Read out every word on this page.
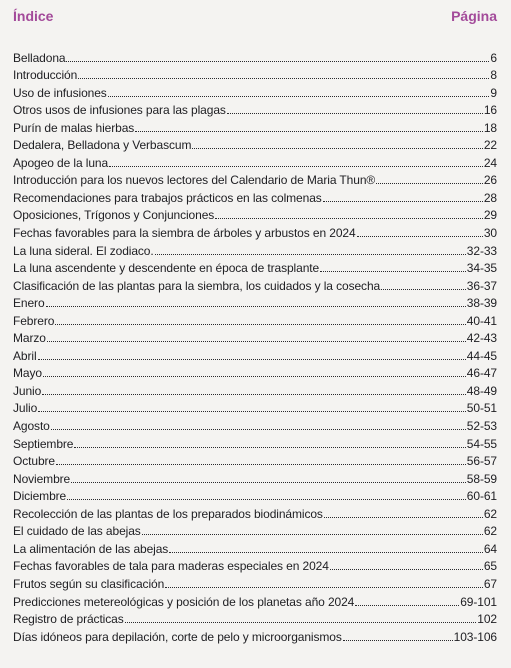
Índice	Página
Belladona	6
Introducción	8
Uso de infusiones	9
Otros usos de infusiones para las plagas	16
Purín de malas hierbas	18
Dedalera, Belladona y Verbascum	22
Apogeo de la luna	24
Introducción para los nuevos lectores del Calendario de Maria Thun®	26
Recomendaciones para trabajos prácticos en las colmenas	28
Oposiciones, Trígonos y Conjunciones	29
Fechas favorables para la siembra de árboles y arbustos en 2024	30
La luna sideral. El zodiaco.	32-33
La luna ascendente y descendente en época de trasplante	34-35
Clasificación de las plantas para la siembra, los cuidados y la cosecha	36-37
Enero	38-39
Febrero	40-41
Marzo	42-43
Abril	44-45
Mayo	46-47
Junio	48-49
Julio	50-51
Agosto	52-53
Septiembre	54-55
Octubre	56-57
Noviembre	58-59
Diciembre	60-61
Recolección de las plantas de los preparados biodinámicos	62
El cuidado de las abejas	62
La alimentación de las abejas	64
Fechas favorables de tala para maderas especiales en 2024	65
Frutos según su clasificación	67
Predicciones metereológicas y posición de los planetas año 2024	69-101
Registro de prácticas	102
Días idóneos para depilación, corte de pelo y microorganismos	103-106
